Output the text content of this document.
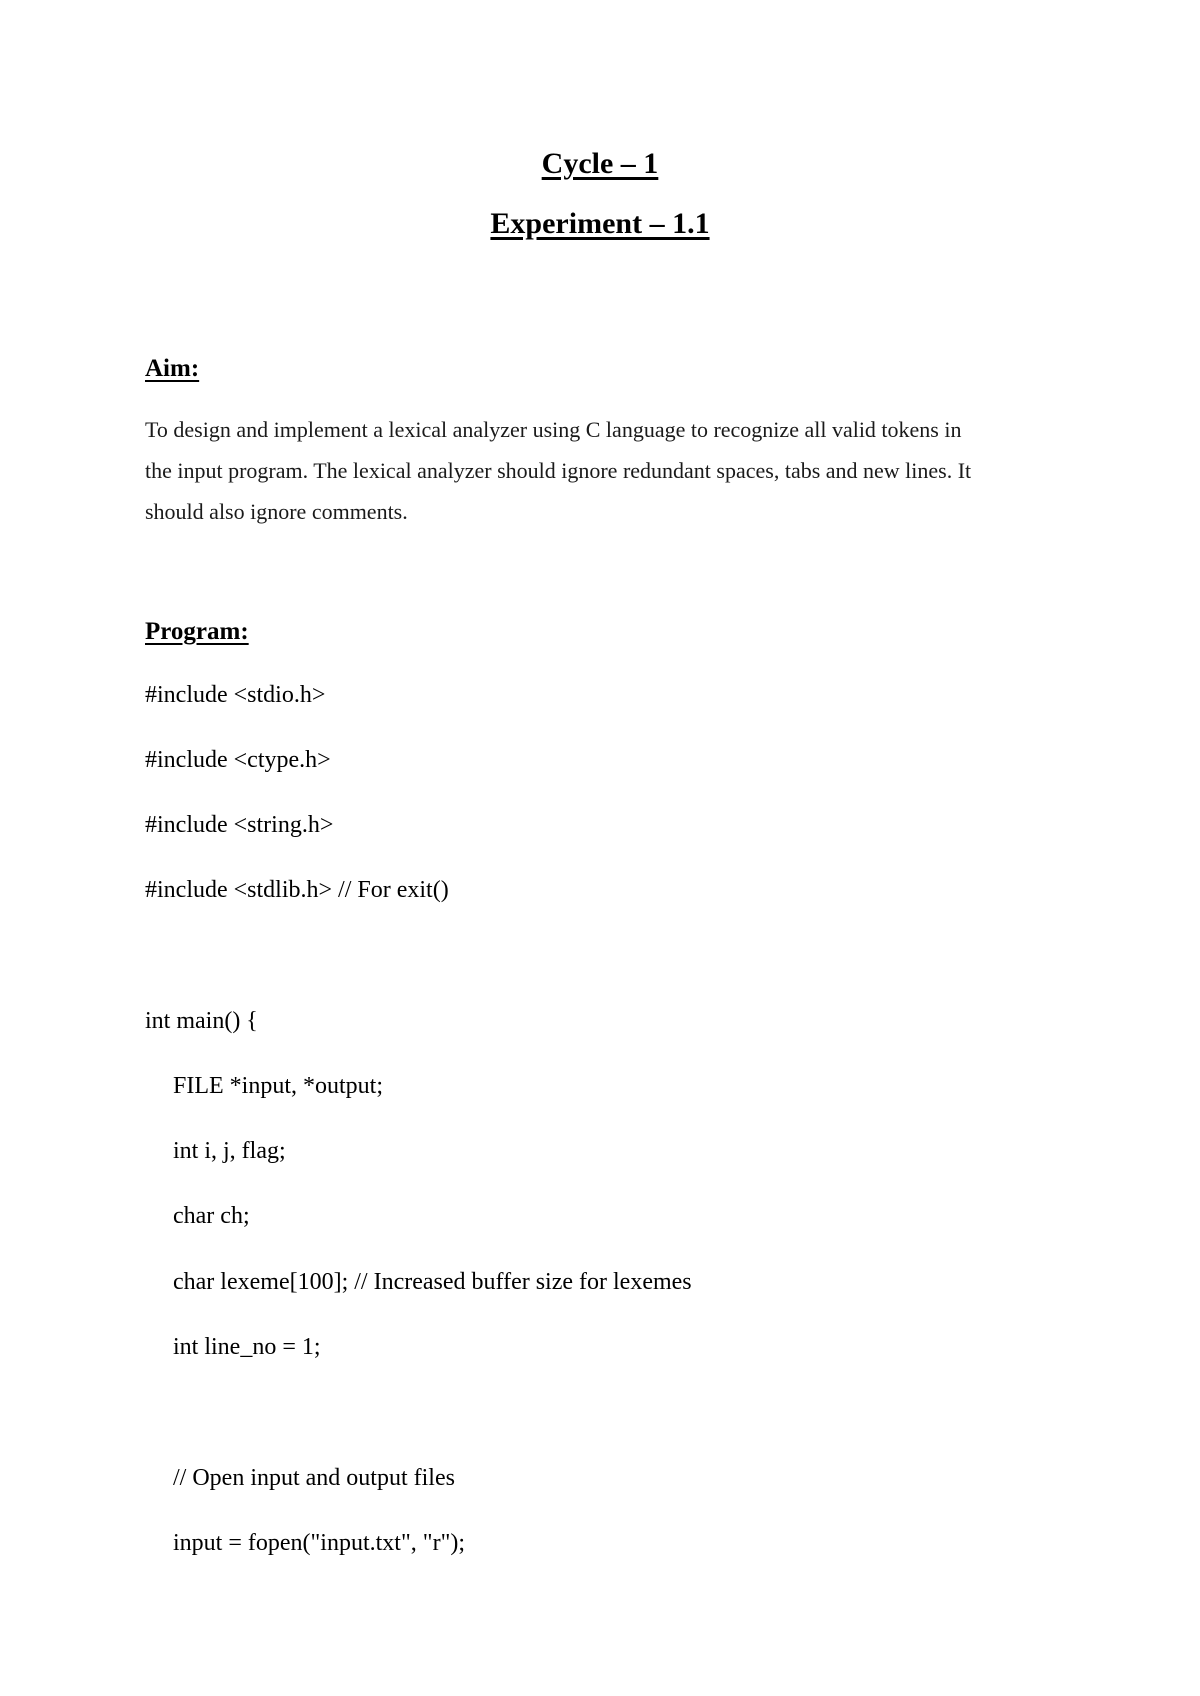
Cycle – 1
Experiment – 1.1
Aim:
To design and implement a lexical analyzer using C language to recognize all valid tokens in
the input program. The lexical analyzer should ignore redundant spaces, tabs and new lines. It
should also ignore comments.
Program:
#include <stdio.h>
#include <ctype.h>
#include <string.h>
#include <stdlib.h> // For exit()
int main() {
FILE *input, *output;
int i, j, flag;
char ch;
char lexeme[100]; // Increased buffer size for lexemes
int line_no = 1;
// Open input and output files
input = fopen("input.txt", "r");
